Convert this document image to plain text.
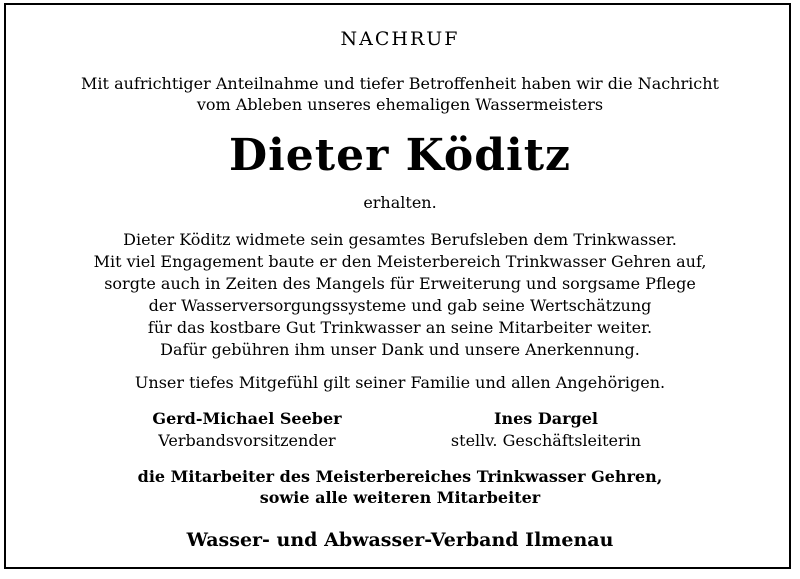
NACHRUF
Mit aufrichtiger Anteilnahme und tiefer Betroffenheit haben wir die Nachricht
vom Ableben unseres ehemaligen Wassermeisters
Dieter Köditz
erhalten.
Dieter Köditz widmete sein gesamtes Berufsleben dem Trinkwasser.
Mit viel Engagement baute er den Meisterbereich Trinkwasser Gehren auf,
sorgte auch in Zeiten des Mangels für Erweiterung und sorgsame Pflege
der Wasserversorgungssysteme und gab seine Wertschätzung
für das kostbare Gut Trinkwasser an seine Mitarbeiter weiter.
Dafür gebühren ihm unser Dank und unsere Anerkennung.
Unser tiefes Mitgefühl gilt seiner Familie und allen Angehörigen.
Gerd-Michael Seeber
Verbandsvorsitzender
Ines Dargel
stellv. Geschäftsleiterin
die Mitarbeiter des Meisterbereiches Trinkwasser Gehren,
sowie alle weiteren Mitarbeiter
Wasser- und Abwasser-Verband Ilmenau
